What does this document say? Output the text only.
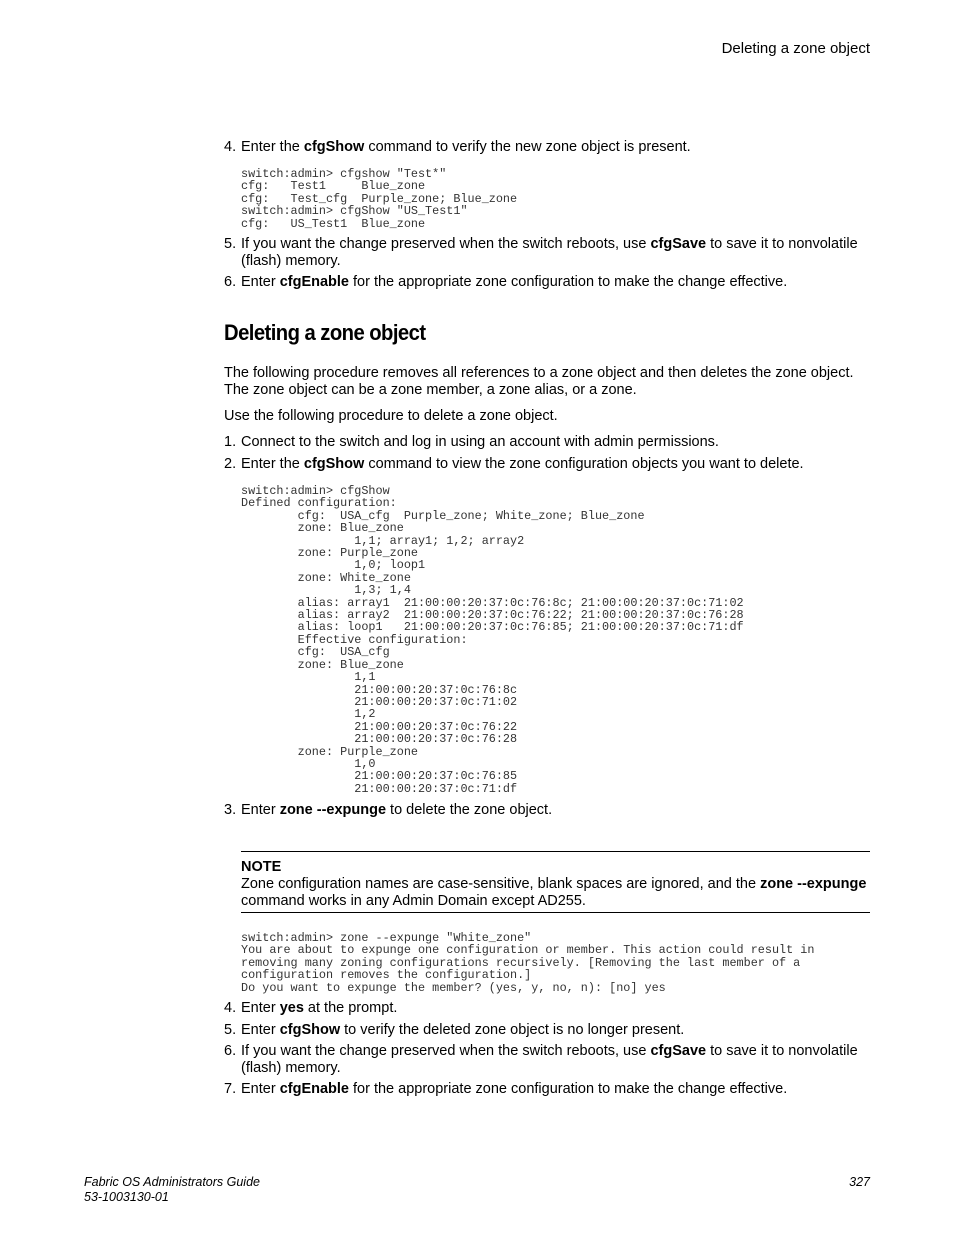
Deleting a zone object
4. Enter the cfgShow command to verify the new zone object is present.
switch:admin> cfgshow "Test*"
cfg:   Test1     Blue_zone
cfg:   Test_cfg  Purple_zone; Blue_zone
switch:admin> cfgShow "US_Test1"
cfg:   US_Test1  Blue_zone
5. If you want the change preserved when the switch reboots, use cfgSave to save it to nonvolatile (flash) memory.
6. Enter cfgEnable for the appropriate zone configuration to make the change effective.
Deleting a zone object
The following procedure removes all references to a zone object and then deletes the zone object. The zone object can be a zone member, a zone alias, or a zone.
Use the following procedure to delete a zone object.
1. Connect to the switch and log in using an account with admin permissions.
2. Enter the cfgShow command to view the zone configuration objects you want to delete.
switch:admin> cfgShow
Defined configuration:
cfg:  USA_cfg  Purple_zone; White_zone; Blue_zone
zone: Blue_zone
1,1; array1; 1,2; array2
zone: Purple_zone
1,0; loop1
zone: White_zone
1,3; 1,4
alias: array1  21:00:00:20:37:0c:76:8c; 21:00:00:20:37:0c:71:02
alias: array2  21:00:00:20:37:0c:76:22; 21:00:00:20:37:0c:76:28
alias: loop1   21:00:00:20:37:0c:76:85; 21:00:00:20:37:0c:71:df
Effective configuration:
cfg:  USA_cfg
zone: Blue_zone
1,1
21:00:00:20:37:0c:76:8c
21:00:00:20:37:0c:71:02
1,2
21:00:00:20:37:0c:76:22
21:00:00:20:37:0c:76:28
zone: Purple_zone
1,0
21:00:00:20:37:0c:76:85
21:00:00:20:37:0c:71:df
3. Enter zone --expunge to delete the zone object.
NOTE
Zone configuration names are case-sensitive, blank spaces are ignored, and the zone --expunge command works in any Admin Domain except AD255.
switch:admin> zone --expunge "White_zone"
You are about to expunge one configuration or member. This action could result in
removing many zoning configurations recursively. [Removing the last member of a
configuration removes the configuration.]
Do you want to expunge the member? (yes, y, no, n): [no] yes
4. Enter yes at the prompt.
5. Enter cfgShow to verify the deleted zone object is no longer present.
6. If you want the change preserved when the switch reboots, use cfgSave to save it to nonvolatile (flash) memory.
7. Enter cfgEnable for the appropriate zone configuration to make the change effective.
Fabric OS Administrators Guide
53-1003130-01
327
